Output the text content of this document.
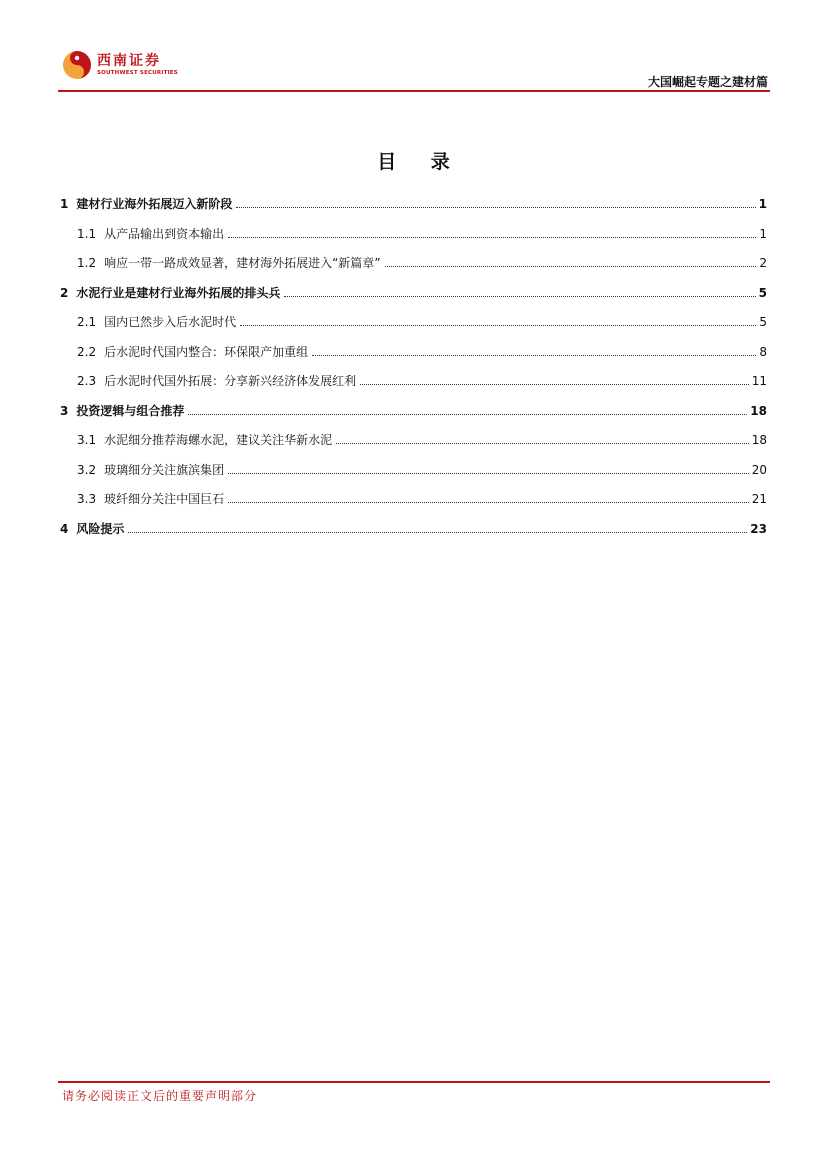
西南证券
SOUTHWEST SECURITIES
大国崛起专题之建材篇
目 录
1 建材行业海外拓展迈入新阶段	1
1.1 从产品输出到资本输出	1
1.2 响应一带一路成效显著，建材海外拓展进入“新篇章”	2
2 水泥行业是建材行业海外拓展的排头兵	5
2.1 国内已然步入后水泥时代	5
2.2 后水泥时代国内整合：环保限产加重组	8
2.3 后水泥时代国外拓展：分享新兴经济体发展红利	11
3 投资逻辑与组合推荐	18
3.1 水泥细分推荐海螺水泥，建议关注华新水泥	18
3.2 玻璃细分关注旗滨集团	20
3.3 玻纤细分关注中国巨石	21
4 风险提示	23
请务必阅读正文后的重要声明部分
